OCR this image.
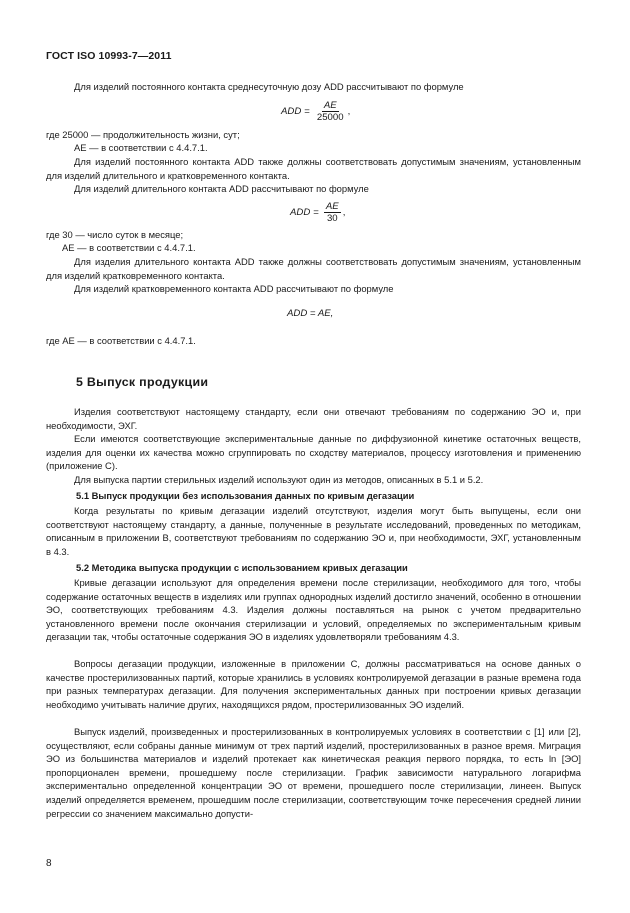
ГОСТ ISO 10993-7—2011
Для изделий постоянного контакта среднесуточную дозу ADD рассчитывают по формуле
ADD = $\frac{AE}{25000}$ ,
где 25000 — продолжительность жизни, сут;
AE — в соответствии с 4.4.7.1.
Для изделий постоянного контакта ADD также должны соответствовать допустимым значениям, установленным для изделий длительного и кратковременного контакта.
Для изделий длительного контакта ADD рассчитывают по формуле
ADD = $\frac{AE}{30}$ ,
где 30 — число суток в месяце;
AE — в соответствии с 4.4.7.1.
Для изделия длительного контакта ADD также должны соответствовать допустимым значениям, установленным для изделий кратковременного контакта.
Для изделий кратковременного контакта ADD рассчитывают по формуле
ADD = AE,
где AE — в соответствии с 4.4.7.1.
5 Выпуск продукции
Изделия соответствуют настоящему стандарту, если они отвечают требованиям по содержанию ЭО и, при необходимости, ЭХГ.
Если имеются соответствующие экспериментальные данные по диффузионной кинетике остаточных веществ, изделия для оценки их качества можно сгруппировать по сходству материалов, процессу изготовления и применению (приложение С).
Для выпуска партии стерильных изделий используют один из методов, описанных в 5.1 и 5.2.
5.1 Выпуск продукции без использования данных по кривым дегазации
Когда результаты по кривым дегазации изделий отсутствуют, изделия могут быть выпущены, если они соответствуют настоящему стандарту, а данные, полученные в результате исследований, проведенных по методикам, описанным в приложении В, соответствуют требованиям по содержанию ЭО и, при необходимости, ЭХГ, установленным в 4.3.
5.2 Методика выпуска продукции с использованием кривых дегазации
Кривые дегазации используют для определения времени после стерилизации, необходимого для того, чтобы содержание остаточных веществ в изделиях или группах однородных изделий достигло значений, особенно в отношении ЭО, соответствующих требованиям 4.3. Изделия должны поставляться на рынок с учетом предварительно установленного времени после окончания стерилизации и условий, определяемых по экспериментальным кривым дегазации так, чтобы остаточные содержания ЭО в изделиях удовлетворяли требованиям 4.3.
Вопросы дегазации продукции, изложенные в приложении С, должны рассматриваться на основе данных о качестве простерилизованных партий, которые хранились в условиях контролируемой дегазации в разные времена года при разных температурах дегазации. Для получения экспериментальных данных при построении кривых дегазации необходимо учитывать наличие других, находящихся рядом, простерилизованных ЭО изделий.
Выпуск изделий, произведенных и простерилизованных в контролируемых условиях в соответствии с [1] или [2], осуществляют, если собраны данные минимум от трех партий изделий, простерилизованных в разное время. Миграция ЭО из большинства материалов и изделий протекает как кинетическая реакция первого порядка, то есть ln [ЭО] пропорционален времени, прошедшему после стерилизации. График зависимости натурального логарифма экспериментально определенной концентрации ЭО от времени, прошедшего после стерилизации, линеен. Выпуск изделий определяется временем, прошедшим после стерилизации, соответствующим точке пересечения средней линии регрессии со значением максимально допусти-
8
